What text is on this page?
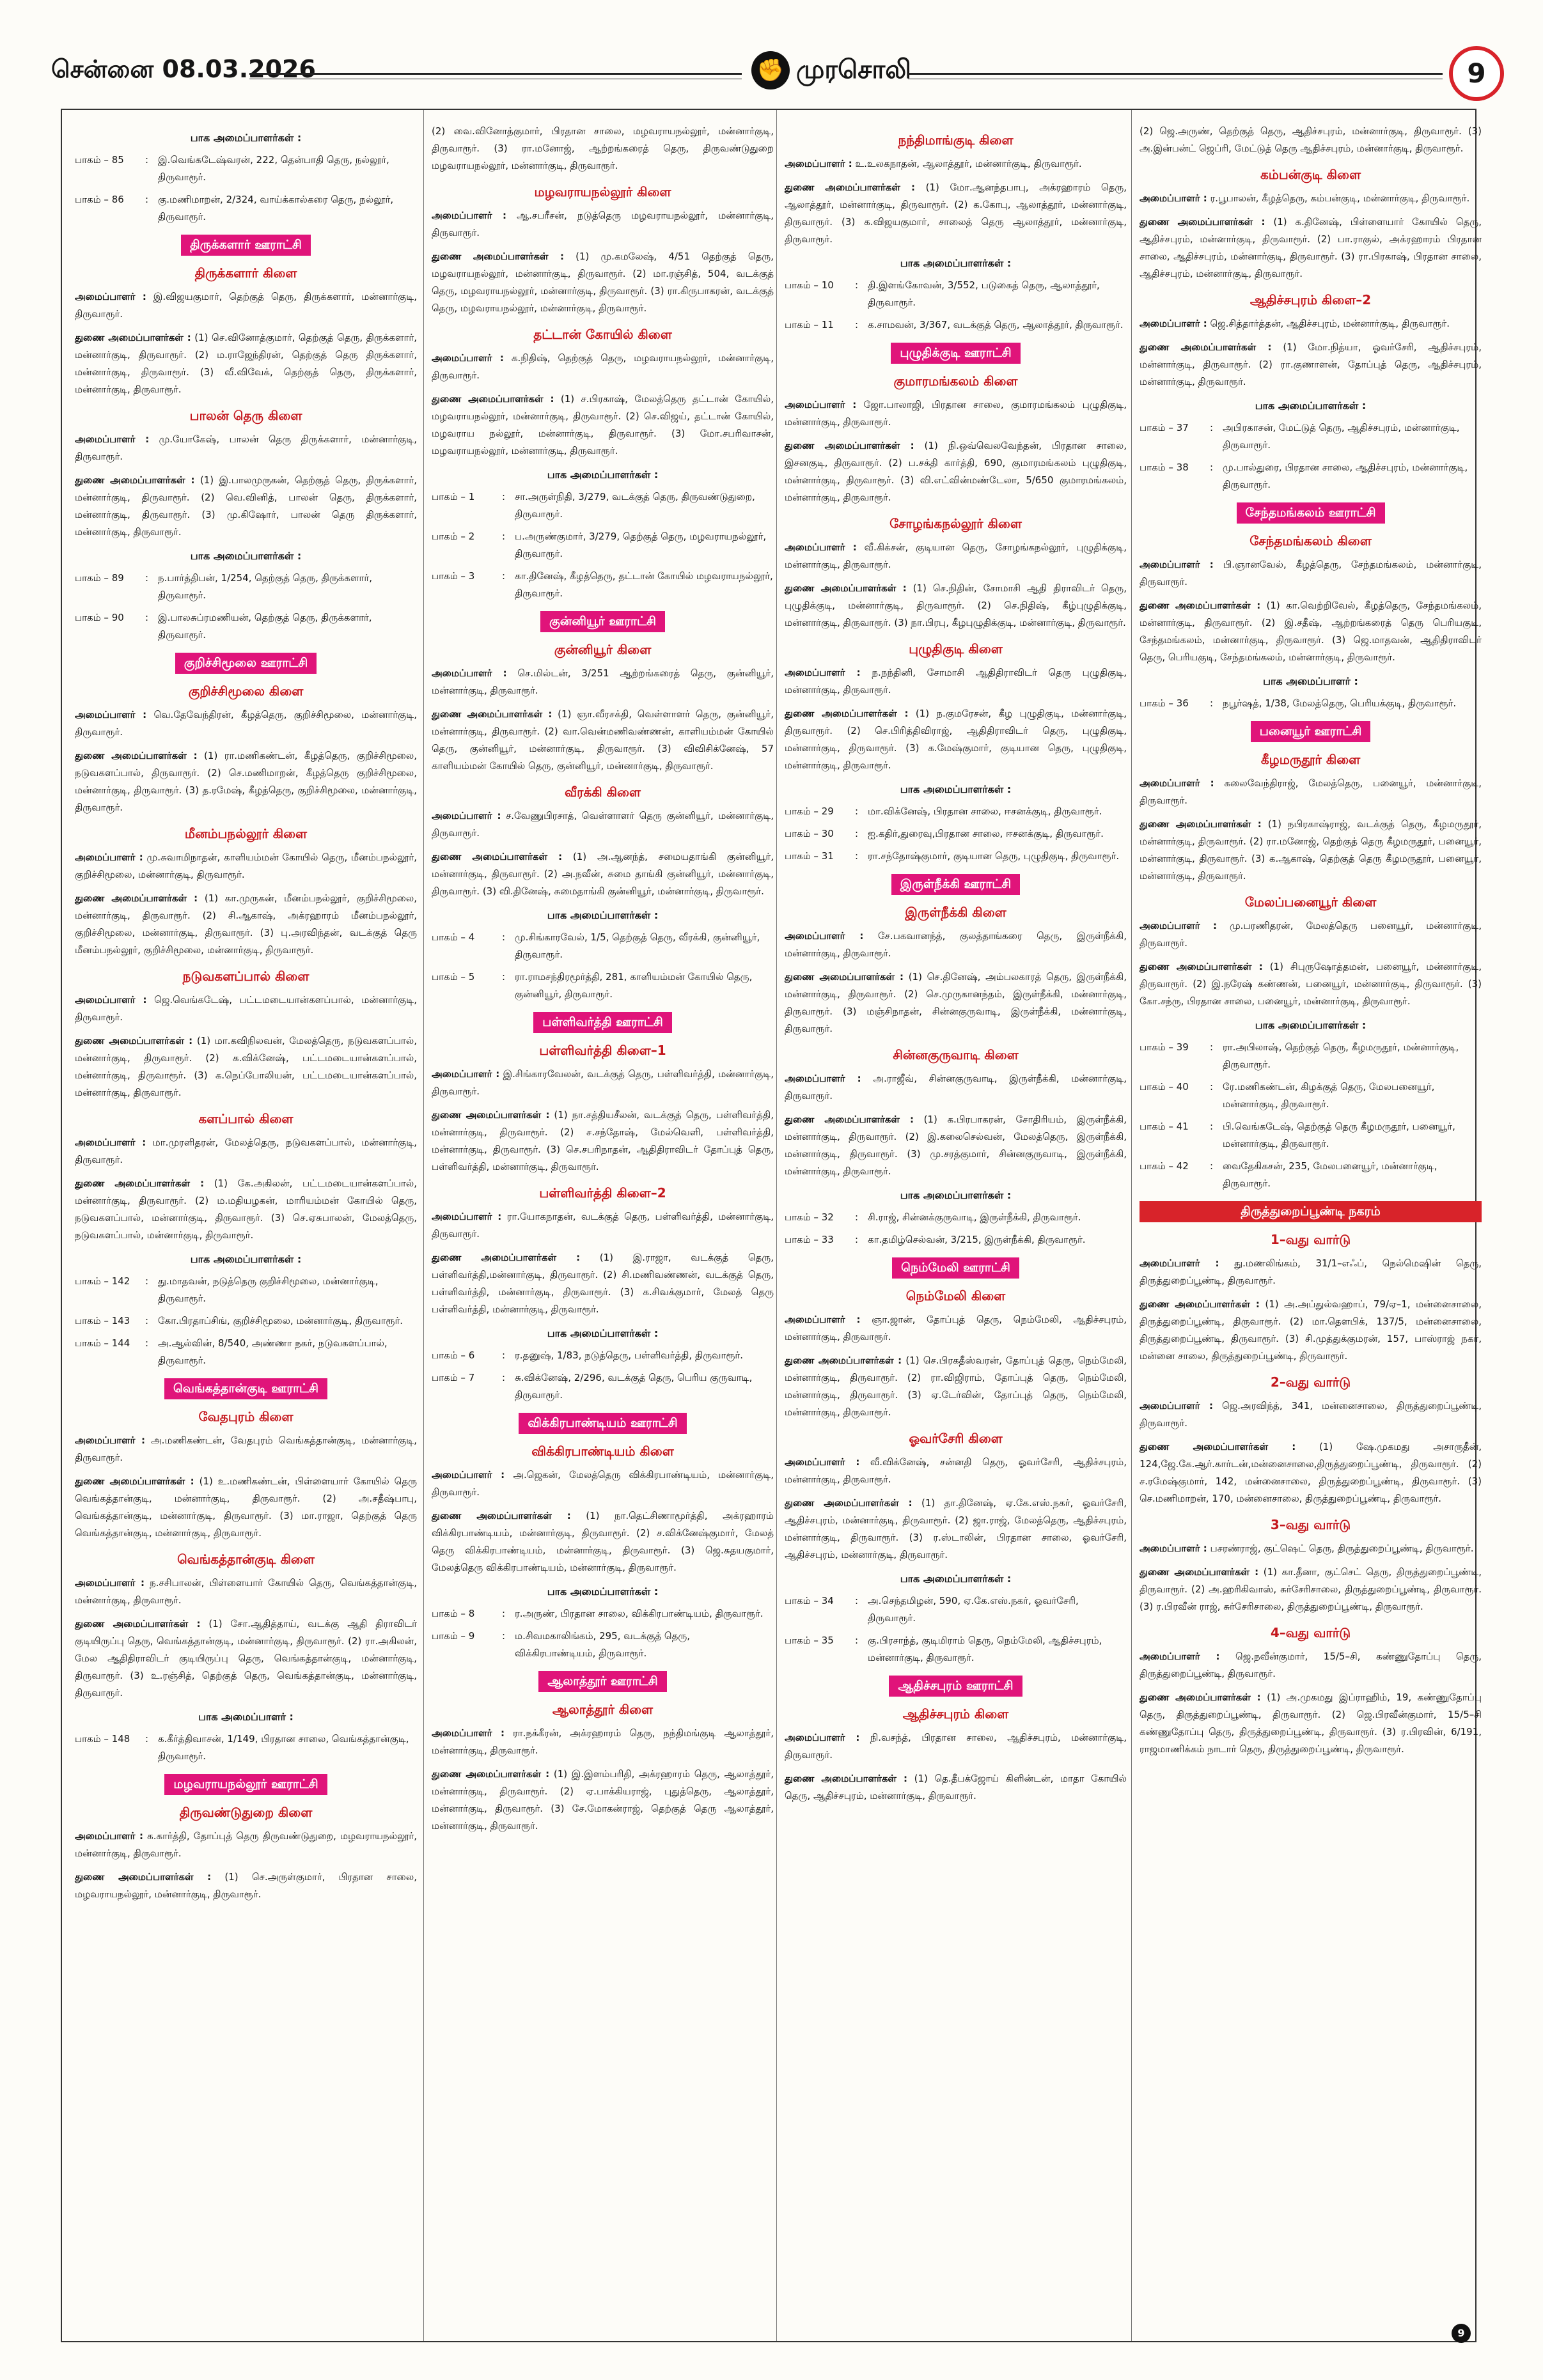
சென்னை 08.03.2026	✊ முரசொலி	9
பாக அமைப்பாளர்கள் :
பாகம் – 85	: இ.வெங்கடேஷ்வரன், 222, தென்பாதி தெரு, நல்லூர், திருவாரூர்.
பாகம் – 86	: கு.மணிமாறன், 2/324, வாய்க்கால்கரை தெரு, நல்லூர், திருவாரூர்.
திருக்களார் ஊராட்சி
திருக்களார் கிளை

அமைப்பாளர் : இ.விஜயகுமார், தெற்குத் தெரு, திருக்களார், மன்னார்குடி, திருவாரூர்.

துணை அமைப்பாளர்கள் : (1) செ.வினோத்குமார், தெற்குத் தெரு, திருக்களார், மன்னார்குடி, திருவாரூர். (2) ம.ராஜேந்திரன், தெற்குத் தெரு திருக்களார், மன்னார்குடி, திருவாரூர். (3) வீ.விவேக், தெற்குத் தெரு, திருக்களார், மன்னார்குடி, திருவாரூர்.

பாலன் தெரு கிளை

அமைப்பாளர் : மு.யோகேஷ், பாலன் தெரு திருக்களார், மன்னார்குடி, திருவாரூர்.

துணை அமைப்பாளர்கள் : (1) இ.பாலமுருகன், தெற்குத் தெரு, திருக்களார், மன்னார்குடி, திருவாரூர். (2) வெ.வினித், பாலன் தெரு, திருக்களார், மன்னார்குடி, திருவாரூர். (3) மு.கிஷோர், பாலன் தெரு திருக்களார், மன்னார்குடி, திருவாரூர்.

பாக அமைப்பாளர்கள் :
பாகம் – 89	: ந.பார்த்திபன், 1/254, தெற்குத் தெரு, திருக்களார், திருவாரூர்.
பாகம் – 90	: இ.பாலசுப்ரமணியன், தெற்குத் தெரு, திருக்களார், திருவாரூர்.
குறிச்சிமூலை ஊராட்சி
குறிச்சிமூலை கிளை

அமைப்பாளர் : வெ.தேவேந்திரன், கீழத்தெரு, குறிச்சிமூலை, மன்னார்குடி, திருவாரூர்.

துணை அமைப்பாளர்கள் : (1) ரா.மணிகண்டன், கீழத்தெரு, குறிச்சிமூலை, நடுவகளப்பால், திருவாரூர். (2) செ.மணிமாறன், கீழத்தெரு குறிச்சிமூலை, மன்னார்குடி, திருவாரூர். (3) த.ரமேஷ், கீழத்தெரு, குறிச்சிமூலை, மன்னார்குடி, திருவாரூர்.

மீனம்பநல்லூர் கிளை

அமைப்பாளர் : மு.சுவாமிநாதன், காளியம்மன் கோயில் தெரு, மீனம்பநல்லூர், குறிச்சிமூலை, மன்னார்குடி, திருவாரூர்.

துணை அமைப்பாளர்கள் : (1) கா.முருகன், மீனம்பநல்லூர், குறிச்சிமூலை, மன்னார்குடி, திருவாரூர். (2) சி.ஆகாஷ், அக்ரஹாரம் மீனம்பநல்லூர், குறிச்சிமூலை, மன்னார்குடி, திருவாரூர். (3) பு.அரவிந்தன், வடக்குத் தெரு மீனம்பநல்லூர், குறிச்சிமூலை, மன்னார்குடி, திருவாரூர்.

நடுவகளப்பால் கிளை

அமைப்பாளர் : ஜெ.வெங்கடேஷ், பட்டமடையான்களப்பால், மன்னார்குடி, திருவாரூர்.

துணை அமைப்பாளர்கள் : (1) மா.கவிநிலவன், மேலத்தெரு, நடுவகளப்பால், மன்னார்குடி, திருவாரூர். (2) க.விக்னேஷ், பட்டமடையான்களப்பால், மன்னார்குடி, திருவாரூர். (3) க.நெப்போலியன், பட்டமடையான்களப்பால், மன்னார்குடி, திருவாரூர்.

களப்பால் கிளை

அமைப்பாளர் : மா.முரளிதரன், மேலத்தெரு, நடுவகளப்பால், மன்னார்குடி, திருவாரூர்.

துணை அமைப்பாளர்கள் : (1) கே.அகிலன், பட்டமடையான்களப்பால், மன்னார்குடி, திருவாரூர். (2) ம.மதியழகன், மாரியம்மன் கோயில் தெரு, நடுவகளப்பால், மன்னார்குடி, திருவாரூர். (3) செ.ஏசுபாலன், மேலத்தெரு, நடுவகளப்பால், மன்னார்குடி, திருவாரூர்.

பாக அமைப்பாளர்கள் :
பாகம் – 142	: து.மாதவன், நடுத்தெரு குறிச்சிமூலை, மன்னார்குடி, திருவாரூர்.
பாகம் – 143	: கோ.பிரதாப்சிங், குறிச்சிமூலை, மன்னார்குடி, திருவாரூர்.
பாகம் – 144	: அ.ஆல்வின், 8/540, அண்ணா நகர், நடுவகளப்பால், திருவாரூர்.
வெங்கத்தான்குடி ஊராட்சி
வேதபுரம் கிளை

அமைப்பாளர் : அ.மணிகண்டன், வேதபுரம் வெங்கத்தான்குடி, மன்னார்குடி, திருவாரூர்.

துணை அமைப்பாளர்கள் : (1) உ.மணிகண்டன், பிள்ளையார் கோயில் தெரு வெங்கத்தான்குடி, மன்னார்குடி, திருவாரூர். (2) அ.சதீஷ்பாபு, வெங்கத்தான்குடி, மன்னார்குடி, திருவாரூர். (3) மா.ராஜா, தெற்குத் தெரு வெங்கத்தான்குடி, மன்னார்குடி, திருவாரூர்.

வெங்கத்தான்குடி கிளை

அமைப்பாளர் : ந.சசிபாலன், பிள்ளையார் கோயில் தெரு, வெங்கத்தான்குடி, மன்னார்குடி, திருவாரூர்.

துணை அமைப்பாளர்கள் : (1) சோ.ஆதித்தாய், வடக்கு ஆதி திராவிடர் குடியிருப்பு தெரு, வெங்கத்தான்குடி, மன்னார்குடி, திருவாரூர். (2) ரா.அகிலன், மேல ஆதிதிராவிடர் குடியிருப்பு தெரு, வெங்கத்தான்குடி, மன்னார்குடி, திருவாரூர். (3) உ.ரஞ்சித், தெற்குத் தெரு, வெங்கத்தான்குடி, மன்னார்குடி, திருவாரூர்.

பாக அமைப்பாளர் :
பாகம் – 148	: க.கீர்த்திவாசன், 1/149, பிரதான சாலை, வெங்கத்தான்குடி, திருவாரூர்.
மழவராயநல்லூர் ஊராட்சி
திருவண்டுதுறை கிளை

அமைப்பாளர் : க.கார்த்தி, தோப்புத் தெரு திருவண்டுதுறை, மழவராயநல்லூர், மன்னார்குடி, திருவாரூர்.

துணை அமைப்பாளர்கள் : (1) செ.அருள்குமார், பிரதான சாலை, மழவராயநல்லூர், மன்னார்குடி, திருவாரூர்.

(2) வை.வினோத்குமார், பிரதான சாலை, மழவராயநல்லூர், மன்னார்குடி, திருவாரூர். (3) ரா.மனோஜ், ஆற்றங்கரைத் தெரு, திருவண்டுதுறை மழவராயநல்லூர், மன்னார்குடி, திருவாரூர்.

மழவராயநல்லூர் கிளை

அமைப்பாளர் : ஆ.சபரீசன், நடுத்தெரு மழவராயநல்லூர், மன்னார்குடி, திருவாரூர்.

துணை அமைப்பாளர்கள் : (1) மு.கமலேஷ், 4/51 தெற்குத் தெரு, மழவராயநல்லூர், மன்னார்குடி, திருவாரூர். (2) மா.ரஞ்சித், 504, வடக்குத் தெரு, மழவராயநல்லூர், மன்னார்குடி, திருவாரூர். (3) ரா.கிருபாகரன், வடக்குத் தெரு, மழவராயநல்லூர், மன்னார்குடி, திருவாரூர்.

தட்டான் கோயில் கிளை

அமைப்பாளர் : க.நிதிஷ், தெற்குத் தெரு, மழவராயநல்லூர், மன்னார்குடி, திருவாரூர்.

துணை அமைப்பாளர்கள் : (1) ச.பிரகாஷ், மேலத்தெரு தட்டான் கோயில், மழவராயநல்லூர், மன்னார்குடி, திருவாரூர். (2) செ.விஜய், தட்டான் கோயில், மழவராய நல்லூர், மன்னார்குடி, திருவாரூர். (3) மோ.சபரிவாசன், மழவராயநல்லூர், மன்னார்குடி, திருவாரூர்.

பாக அமைப்பாளர்கள் :
பாகம் – 1	: சா.அருள்நிதி, 3/279, வடக்குத் தெரு, திருவண்டுதுறை, திருவாரூர்.
பாகம் – 2	: ப.அருண்குமார், 3/279, தெற்குத் தெரு, மழவராயநல்லூர், திருவாரூர்.
பாகம் – 3	: கா.தினேஷ், கீழத்தெரு, தட்டான் கோயில் மழவராயநல்லூர், திருவாரூர்.
குன்னியூர் ஊராட்சி
குன்னியூர் கிளை

அமைப்பாளர் : செ.மில்டன், 3/251 ஆற்றங்கரைத் தெரு, குன்னியூர், மன்னார்குடி, திருவாரூர்.

துணை அமைப்பாளர்கள் : (1) ஞா.வீரசக்தி, வெள்ளாளர் தெரு, குன்னியூர், மன்னார்குடி, திருவாரூர். (2) வா.வென்மணிவண்ணன், காளியம்மன் கோயில் தெரு, குன்னியூர், மன்னார்குடி, திருவாரூர். (3) விவிசிக்னேஷ், 57 காளியம்மன் கோயில் தெரு, குன்னியூர், மன்னார்குடி, திருவாரூர்.

வீரக்கி கிளை

அமைப்பாளர் : ச.வேணுபிரசாத், வெள்ளாளர் தெரு குன்னியூர், மன்னார்குடி, திருவாரூர்.

துணை அமைப்பாளர்கள் : (1) அ.ஆனந்த், சமையதாங்கி குன்னியூர், மன்னார்குடி, திருவாரூர். (2) அ.நவீன், சுமை தாங்கி குன்னியூர், மன்னார்குடி, திருவாரூர். (3) வி.தினேஷ், சுமைதாங்கி குன்னியூர், மன்னார்குடி, திருவாரூர்.

பாக அமைப்பாளர்கள் :
பாகம் – 4	: மு.சிங்காரவேல், 1/5, தெற்குத் தெரு, வீரக்கி, குன்னியூர், திருவாரூர்.
பாகம் – 5	: ரா.ராமசந்திரமூர்த்தி, 281, காளியம்மன் கோயில் தெரு, குன்னியூர், திருவாரூர்.
பள்ளிவர்த்தி ஊராட்சி
பள்ளிவர்த்தி கிளை–1

அமைப்பாளர் : இ.சிங்காரவேலன், வடக்குத் தெரு, பள்ளிவர்த்தி, மன்னார்குடி, திருவாரூர்.

துணை அமைப்பாளர்கள் : (1) நா.சத்தியசீலன், வடக்குத் தெரு, பள்ளிவர்த்தி, மன்னார்குடி, திருவாரூர். (2) ச.சந்தோஷ், மேல்வெளி, பள்ளிவர்த்தி, மன்னார்குடி, திருவாரூர். (3) செ.சபரிநாதன், ஆதிதிராவிடர் தோப்புத் தெரு, பள்ளிவர்த்தி, மன்னார்குடி, திருவாரூர்.

பள்ளிவர்த்தி கிளை–2

அமைப்பாளர் : ரா.யோகநாதன், வடக்குத் தெரு, பள்ளிவர்த்தி, மன்னார்குடி, திருவாரூர்.

துணை அமைப்பாளர்கள் : (1) இ.ராஜா, வடக்குத் தெரு, பள்ளிவர்த்தி,மன்னார்குடி, திருவாரூர். (2) சி.மணிவண்ணன், வடக்குத் தெரு, பள்ளிவர்த்தி, மன்னார்குடி, திருவாரூர். (3) க.சிவக்குமார், மேலத் தெரு பள்ளிவர்த்தி, மன்னார்குடி, திருவாரூர்.

பாக அமைப்பாளர்கள் :
பாகம் – 6	: ர.தனுஷ், 1/83, நடுத்தெரு, பள்ளிவர்த்தி, திருவாரூர்.
பாகம் – 7	: சு.விக்னேஷ், 2/296, வடக்குத் தெரு, பெரிய குருவாடி, திருவாரூர்.
விக்கிரபாண்டியம் ஊராட்சி
விக்கிரபாண்டியம் கிளை

அமைப்பாளர் : அ.ஜெகன், மேலத்தெரு விக்கிரபாண்டியம், மன்னார்குடி, திருவாரூர்.

துணை அமைப்பாளர்கள் : (1) நா.தெட்சிணாமூர்த்தி, அக்ரஹாரம் விக்கிரபாண்டியம், மன்னார்குடி, திருவாரூர். (2) ச.விக்னேஷ்குமார், மேலத் தெரு விக்கிரபாண்டியம், மன்னார்குடி, திருவாரூர். (3) ஜெ.சுதயகுமார், மேலத்தெரு விக்கிரபாண்டியம், மன்னார்குடி, திருவாரூர்.

பாக அமைப்பாளர்கள் :
பாகம் – 8	: ர.அருண், பிரதான சாலை, விக்கிரபாண்டியம், திருவாரூர்.
பாகம் – 9	: ம.சிவமகாலிங்கம், 295, வடக்குத் தெரு, விக்கிரபாண்டியம், திருவாரூர்.
ஆலாத்தூர் ஊராட்சி
ஆலாத்தூர் கிளை

அமைப்பாளர் : ரா.நக்கீரன், அக்ரஹாரம் தெரு, நந்திமங்குடி ஆலாத்தூர், மன்னார்குடி, திருவாரூர்.

துணை அமைப்பாளர்கள் : (1) இ.இளம்பரிதி, அக்ரஹாரம் தெரு, ஆலாத்தூர், மன்னார்குடி, திருவாரூர். (2) ஏ.பாக்கியராஜ், புதுத்தெரு, ஆலாத்தூர், மன்னார்குடி, திருவாரூர். (3) சே.மோகன்ராஜ், தெற்குத் தெரு ஆலாத்தூர், மன்னார்குடி, திருவாரூர்.

நந்திமாங்குடி கிளை

அமைப்பாளர் : உ.உலகநாதன், ஆலாத்தூர், மன்னார்குடி, திருவாரூர்.

துணை அமைப்பாளர்கள் : (1) மோ.ஆனந்தபாபு, அக்ரஹாரம் தெரு, ஆலாத்தூர், மன்னார்குடி, திருவாரூர். (2) க.கோபு, ஆலாத்தூர், மன்னார்குடி, திருவாரூர். (3) க.விஜயகுமார், சாலைத் தெரு ஆலாத்தூர், மன்னார்குடி, திருவாரூர்.

பாக அமைப்பாளர்கள் :
பாகம் – 10	: தி.இளங்கோவன், 3/552, படுகைத் தெரு, ஆலாத்தூர், திருவாரூர்.
பாகம் – 11	: க.சாமவன், 3/367, வடக்குத் தெரு, ஆலாத்தூர், திருவாரூர்.
புழுதிக்குடி ஊராட்சி
குமாரமங்கலம் கிளை

அமைப்பாளர் : ஜோ.பாலாஜி, பிரதான சாலை, குமாரமங்கலம் புழுதிகுடி, மன்னார்குடி, திருவாரூர்.

துணை அமைப்பாளர்கள் : (1) நி.ஒவ்வெலவேந்தன், பிரதான சாலை, இசனகுடி, திருவாரூர். (2) ப.சக்தி கார்த்தி, 690, குமாரமங்கலம் புழுதிகுடி, மன்னார்குடி, திருவாரூர். (3) வி.எட்வின்மண்டேலா, 5/650 குமாரமங்கலம், மன்னார்குடி, திருவாரூர்.

சோழங்கநல்லூர் கிளை

அமைப்பாளர் : வீ.கிக்சன், குடியான தெரு, சோழங்கநல்லூர், புழுதிக்குடி, மன்னார்குடி, திருவாரூர்.

துணை அமைப்பாளர்கள் : (1) செ.நிதின், சோமாசி ஆதி திராவிடர் தெரு, புழுதிக்குடி, மன்னார்குடி, திருவாரூர். (2) செ.நிதிஷ், கீழ்புழுதிக்குடி, மன்னார்குடி, திருவாரூர். (3) நா.பிரபு, கீழபுழுதிக்குடி, மன்னார்குடி, திருவாரூர்.

புழுதிகுடி கிளை

அமைப்பாளர் : ந.நந்தினி, சோமாசி ஆதிதிராவிடர் தெரு புழுதிகுடி, மன்னார்குடி, திருவாரூர்.

துணை அமைப்பாளர்கள் : (1) ந.குமரேசன், கீழ புழுதிகுடி, மன்னார்குடி, திருவாரூர். (2) செ.பிரித்திவிராஜ், ஆதிதிராவிடர் தெரு, புழுதிகுடி, மன்னார்குடி, திருவாரூர். (3) க.மேஷ்குமார், குடியான தெரு, புழுதிகுடி, மன்னார்குடி, திருவாரூர்.

பாக அமைப்பாளர்கள் :
பாகம் – 29	: மா.விக்னேஷ், பிரதான சாலை, ஈசனக்குடி, திருவாரூர்.
பாகம் – 30	: ஐ.கதிர்,துரைவு,பிரதான சாலை, ஈசனக்குடி, திருவாரூர்.
பாகம் – 31	: ரா.சந்தோஷ்குமார், குடியான தெரு, புழுதிகுடி, திருவாரூர்.
இருள்நீக்கி ஊராட்சி
இருள்நீக்கி கிளை

அமைப்பாளர் : சே.பகவானந்த், குலத்தாங்கரை தெரு, இருள்நீக்கி, மன்னார்குடி, திருவாரூர்.

துணை அமைப்பாளர்கள் : (1) செ.தினேஷ், அம்பலகாரத் தெரு, இருள்நீக்கி, மன்னார்குடி, திருவாரூர். (2) செ.முருகானந்தம், இருள்நீக்கி, மன்னார்குடி, திருவாரூர். (3) மஞ்சிநாதன், சின்னகுருவாடி, இருள்நீக்கி, மன்னார்குடி, திருவாரூர்.

சின்னகுருவாடி கிளை

அமைப்பாளர் : அ.ராஜீவ், சின்னகுருவாடி, இருள்நீக்கி, மன்னார்குடி, திருவாரூர்.

துணை அமைப்பாளர்கள் : (1) க.பிரபாகரன், சோதிரியம், இருள்நீக்கி, மன்னார்குடி, திருவாரூர். (2) இ.கலைசெல்வன், மேலத்தெரு, இருள்நீக்கி, மன்னார்குடி, திருவாரூர். (3) மு.சரத்குமார், சின்னகுருவாடி, இருள்நீக்கி, மன்னார்குடி, திருவாரூர்.

பாக அமைப்பாளர்கள் :
பாகம் – 32	: சி.ராஜ், சின்னக்குருவாடி, இருள்நீக்கி, திருவாரூர்.
பாகம் – 33	: கா.தமிழ்செல்வன், 3/215, இருள்நீக்கி, திருவாரூர்.
நெம்மேலி ஊராட்சி
நெம்மேலி கிளை

அமைப்பாளர் : ஞா.ஜான், தோப்புத் தெரு, நெம்மேலி, ஆதிச்சபுரம், மன்னார்குடி, திருவாரூர்.

துணை அமைப்பாளர்கள் : (1) செ.பிரகதீஸ்வரன், தோப்புத் தெரு, நெம்மேலி, மன்னார்குடி, திருவாரூர். (2) ரா.விஜிராம், தோப்புத் தெரு, நெம்மேலி, மன்னார்குடி, திருவாரூர். (3) ஏ.டேர்வின், தோப்புத் தெரு, நெம்மேலி, மன்னார்குடி, திருவாரூர்.

ஓவர்சேரி கிளை

அமைப்பாளர் : வீ.விக்னேஷ், சன்னதி தெரு, ஓவர்சேரி, ஆதிச்சபுரம், மன்னார்குடி, திருவாரூர்.

துணை அமைப்பாளர்கள் : (1) தா.தினேஷ், ஏ.கே.எஸ்.நகர், ஓவர்சேரி, ஆதிச்சபுரம், மன்னார்குடி, திருவாரூர். (2) ஜா.ராஜ், மேலத்தெரு, ஆதிச்சபுரம், மன்னார்குடி, திருவாரூர். (3) ர.ஸ்டாலின், பிரதான சாலை, ஓவர்சேரி, ஆதிச்சபுரம், மன்னார்குடி, திருவாரூர்.

பாக அமைப்பாளர்கள் :
பாகம் – 34	: அ.செந்தமிழன், 590, ஏ.கே.எஸ்.நகர், ஓவர்சேரி, திருவாரூர்.
பாகம் – 35	: கு.பிரசாந்த், குடிமிராம் தெரு, நெம்மேலி, ஆதிச்சபுரம், மன்னார்குடி, திருவாரூர்.
ஆதிச்சபுரம் ஊராட்சி
ஆதிச்சபுரம் கிளை

அமைப்பாளர் : நி.வசந்த், பிரதான சாலை, ஆதிச்சபுரம், மன்னார்குடி, திருவாரூர்.

துணை அமைப்பாளர்கள் : (1) தெ.தீபக்ஜோய் கிளின்டன், மாதா கோயில் தெரு, ஆதிச்சபுரம், மன்னார்குடி, திருவாரூர்.

(2) ஜெ.அருண், தெற்குத் தெரு, ஆதிச்சபுரம், மன்னார்குடி, திருவாரூர். (3) அ.இன்பன்ட் ஜெப்ரி, மேட்டுத் தெரு ஆதிச்சபுரம், மன்னார்குடி, திருவாரூர்.

கம்பன்குடி கிளை

அமைப்பாளர் : ர.பூபாலன், கீழத்தெரு, கம்பன்குடி, மன்னார்குடி, திருவாரூர்.

துணை அமைப்பாளர்கள் : (1) க.தினேஷ், பிள்ளையார் கோயில் தெரு, ஆதிச்சபுரம், மன்னார்குடி, திருவாரூர். (2) பா.ராகுல், அக்ரஹாரம் பிரதான சாலை, ஆதிச்சபுரம், மன்னார்குடி, திருவாரூர். (3) ரா.பிரகாஷ், பிரதான சாலை, ஆதிச்சபுரம், மன்னார்குடி, திருவாரூர்.

ஆதிச்சபுரம் கிளை–2

அமைப்பாளர் : ஜெ.சித்தார்த்தன், ஆதிச்சபுரம், மன்னார்குடி, திருவாரூர்.

துணை அமைப்பாளர்கள் : (1) மோ.நித்யா, ஓவர்சேரி, ஆதிச்சபுரம், மன்னார்குடி, திருவாரூர். (2) ரா.குணாளன், தோப்புத் தெரு, ஆதிச்சபுரம், மன்னார்குடி, திருவாரூர்.

பாக அமைப்பாளர்கள் :
பாகம் – 37	: அபிரகாசன், மேட்டுத் தெரு, ஆதிச்சபுரம், மன்னார்குடி, திருவாரூர்.
பாகம் – 38	: மு.பால்துரை, பிரதான சாலை, ஆதிச்சபுரம், மன்னார்குடி, திருவாரூர்.
சேந்தமங்கலம் ஊராட்சி
சேந்தமங்கலம் கிளை

அமைப்பாளர் : பி.ஞானவேல், கீழத்தெரு, சேந்தமங்கலம், மன்னார்குடி, திருவாரூர்.

துணை அமைப்பாளர்கள் : (1) கா.வெற்றிவேல், கீழத்தெரு, சேந்தமங்கலம், மன்னார்குடி, திருவாரூர். (2) இ.சதீஷ், ஆற்றங்கரைத் தெரு பெரியகுடி, சேந்தமங்கலம், மன்னார்குடி, திருவாரூர். (3) ஜெ.மாதவன், ஆதிதிராவிடர் தெரு, பெரியகுடி, சேந்தமங்கலம், மன்னார்குடி, திருவாரூர்.

பாக அமைப்பாளர் :
பாகம் – 36	: நபூர்ஷத், 1/38, மேலத்தெரு, பெரியக்குடி, திருவாரூர்.
பனையூர் ஊராட்சி
கீழமருதூர் கிளை

அமைப்பாளர் : கலைவேந்திராஜ், மேலத்தெரு, பனையூர், மன்னார்குடி, திருவாரூர்.

துணை அமைப்பாளர்கள் : (1) நபிரகாஷ்ராஜ், வடக்குத் தெரு, கீழமருதூர், மன்னார்குடி, திருவாரூர். (2) ரா.மனோஜ், தெற்குத் தெரு கீழமருதூர், பனையூர், மன்னார்குடி, திருவாரூர். (3) க.ஆகாஷ், தெற்குத் தெரு கீழமருதூர், பனையூர், மன்னார்குடி, திருவாரூர்.

மேலப்பனையூர் கிளை

அமைப்பாளர் : மு.பரணிதரன், மேலத்தெரு பனையூர், மன்னார்குடி, திருவாரூர்.

துணை அமைப்பாளர்கள் : (1) சிபுருஷோத்தமன், பனையூர், மன்னார்குடி, திருவாரூர். (2) இ.நரேஷ் கண்ணன், பனையூர், மன்னார்குடி, திருவாரூர். (3) கோ.சந்ரு, பிரதான சாலை, பனையூர், மன்னார்குடி, திருவாரூர்.

பாக அமைப்பாளர்கள் :
பாகம் – 39	: ரா.அபிலாஷ், தெற்குத் தெரு, கீழமருதூர், மன்னார்குடி, திருவாரூர்.
பாகம் – 40	: ரே.மணிகண்டன், கிழக்குத் தெரு, மேலபனையூர், மன்னார்குடி, திருவாரூர்.
பாகம் – 41	: பி.வெங்கடேஷ், தெற்குத் தெரு கீழமருதூர், பனையூர், மன்னார்குடி, திருவாரூர்.
பாகம் – 42	: வைதேகிகசன், 235, மேலபனையூர், மன்னார்குடி, திருவாரூர்.
திருத்துறைப்பூண்டி நகரம்
1–வது வார்டு

அமைப்பாளர் : து.மணலிங்கம், 31/1–எஃப், நெல்மெஷின் தெரு, திருத்துறைப்பூண்டி, திருவாரூர்.

துணை அமைப்பாளர்கள் : (1) அ.அப்துல்வஹாப், 79/ஏ–1, மன்னைசாலை, திருத்துறைப்பூண்டி, திருவாரூர். (2) மா.தௌபிக், 137/5, மன்னைசாலை, திருத்துறைப்பூண்டி, திருவாரூர். (3) சி.முத்துக்குமரன், 157, பாஸ்ராஜ் நகர், மன்னை சாலை, திருத்துறைப்பூண்டி, திருவாரூர்.

2–வது வார்டு

அமைப்பாளர் : ஜெ.அரவிந்த், 341, மன்னைசாலை, திருத்துறைப்பூண்டி, திருவாரூர்.

துணை அமைப்பாளர்கள் : (1) ஷே.முகமது அசாருதீன், 124,ஜே.கே.ஆர்.கார்டன்,மன்னைசாலை,திருத்துறைப்பூண்டி, திருவாரூர். (2) ச.ரமேஷ்குமார், 142, மன்னைசாலை, திருத்துறைப்பூண்டி, திருவாரூர். (3) செ.மணிமாறன், 170, மன்னைசாலை, திருத்துறைப்பூண்டி, திருவாரூர்.

3–வது வார்டு

அமைப்பாளர் : பசரண்ராஜ், குட்ஷெட் தெரு, திருத்துறைப்பூண்டி, திருவாரூர்.

துணை அமைப்பாளர்கள் : (1) கா.தீனா, குட்செட் தெரு, திருத்துறைப்பூண்டி, திருவாரூர். (2) அ.ஹரிகிவாஸ், சுர்சேரிசாலை, திருத்துறைப்பூண்டி, திருவாரூர். (3) ர.பிரவீன் ராஜ், சுர்சேரிசாலை, திருத்துறைப்பூண்டி, திருவாரூர்.

4–வது வார்டு

அமைப்பாளர் : ஜெ.நவீன்குமார், 15/5–சி, கண்ணுதோப்பு தெரு, திருத்துறைப்பூண்டி, திருவாரூர்.

துணை அமைப்பாளர்கள் : (1) அ.முகமது இப்ராஹிம், 19, கண்ணுதோப்பு தெரு, திருத்துறைப்பூண்டி, திருவாரூர். (2) ஜெ.பிரவீன்குமார், 15/5–சி கண்ணுதோப்பு தெரு, திருத்துறைப்பூண்டி, திருவாரூர். (3) ர.பிரவின், 6/191, ராஜமாணிக்கம் நாடார் தெரு, திருத்துறைப்பூண்டி, திருவாரூர்.

9
